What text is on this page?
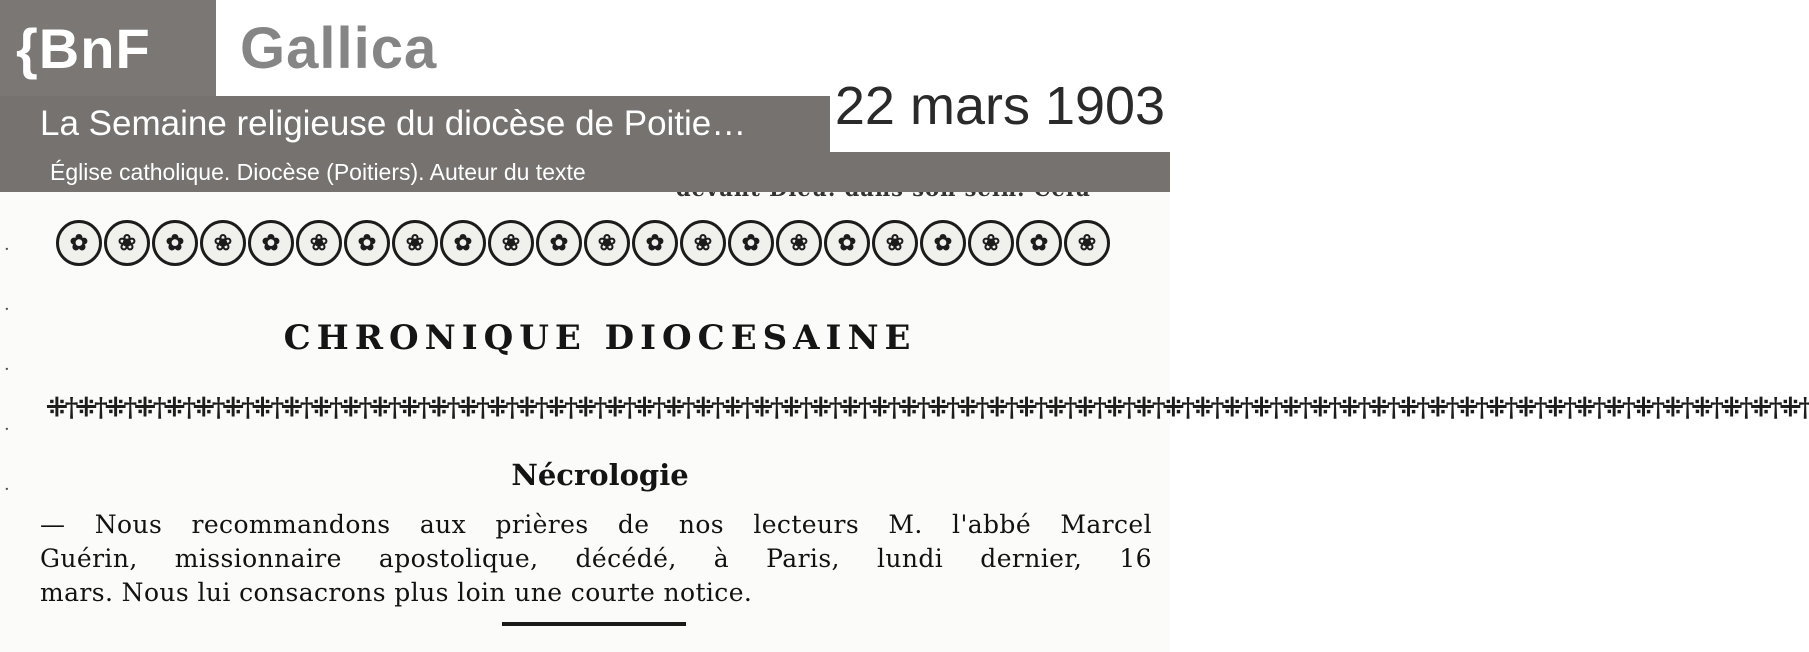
·
·
·
·
·
✿	❀	✿	❀	✿	❀	✿	❀	✿	❀	✿	❀	✿	❀	✿	❀	✿	❀	✿	❀	✿	❀
CHRONIQUE DIOCESAINE
⁜†⁜†⁜†⁜†⁜†⁜†⁜†⁜†⁜†⁜†⁜†⁜†⁜†⁜†⁜†⁜†⁜†⁜†⁜†⁜†⁜†⁜†⁜†⁜†⁜†⁜†⁜†⁜†⁜†⁜†⁜†⁜†⁜†⁜†⁜†⁜†⁜†⁜†⁜†⁜†⁜†⁜†⁜†⁜†⁜†⁜†⁜†⁜†⁜†⁜†⁜†⁜†⁜†⁜†⁜†⁜†⁜†⁜†⁜†⁜†
Nécrologie
— Nous recommandons aux prières de nos lecteurs M. l'abbé Marcel
Guérin, missionnaire apostolique, décédé, à Paris, lundi dernier, 16
mars. Nous lui consacrons plus loin une courte notice.
{BnF	Gallica
La Semaine religieuse du diocèse de Poitie… 22 mars 1903
Église catholique. Diocèse (Poitiers). Auteur du texte
